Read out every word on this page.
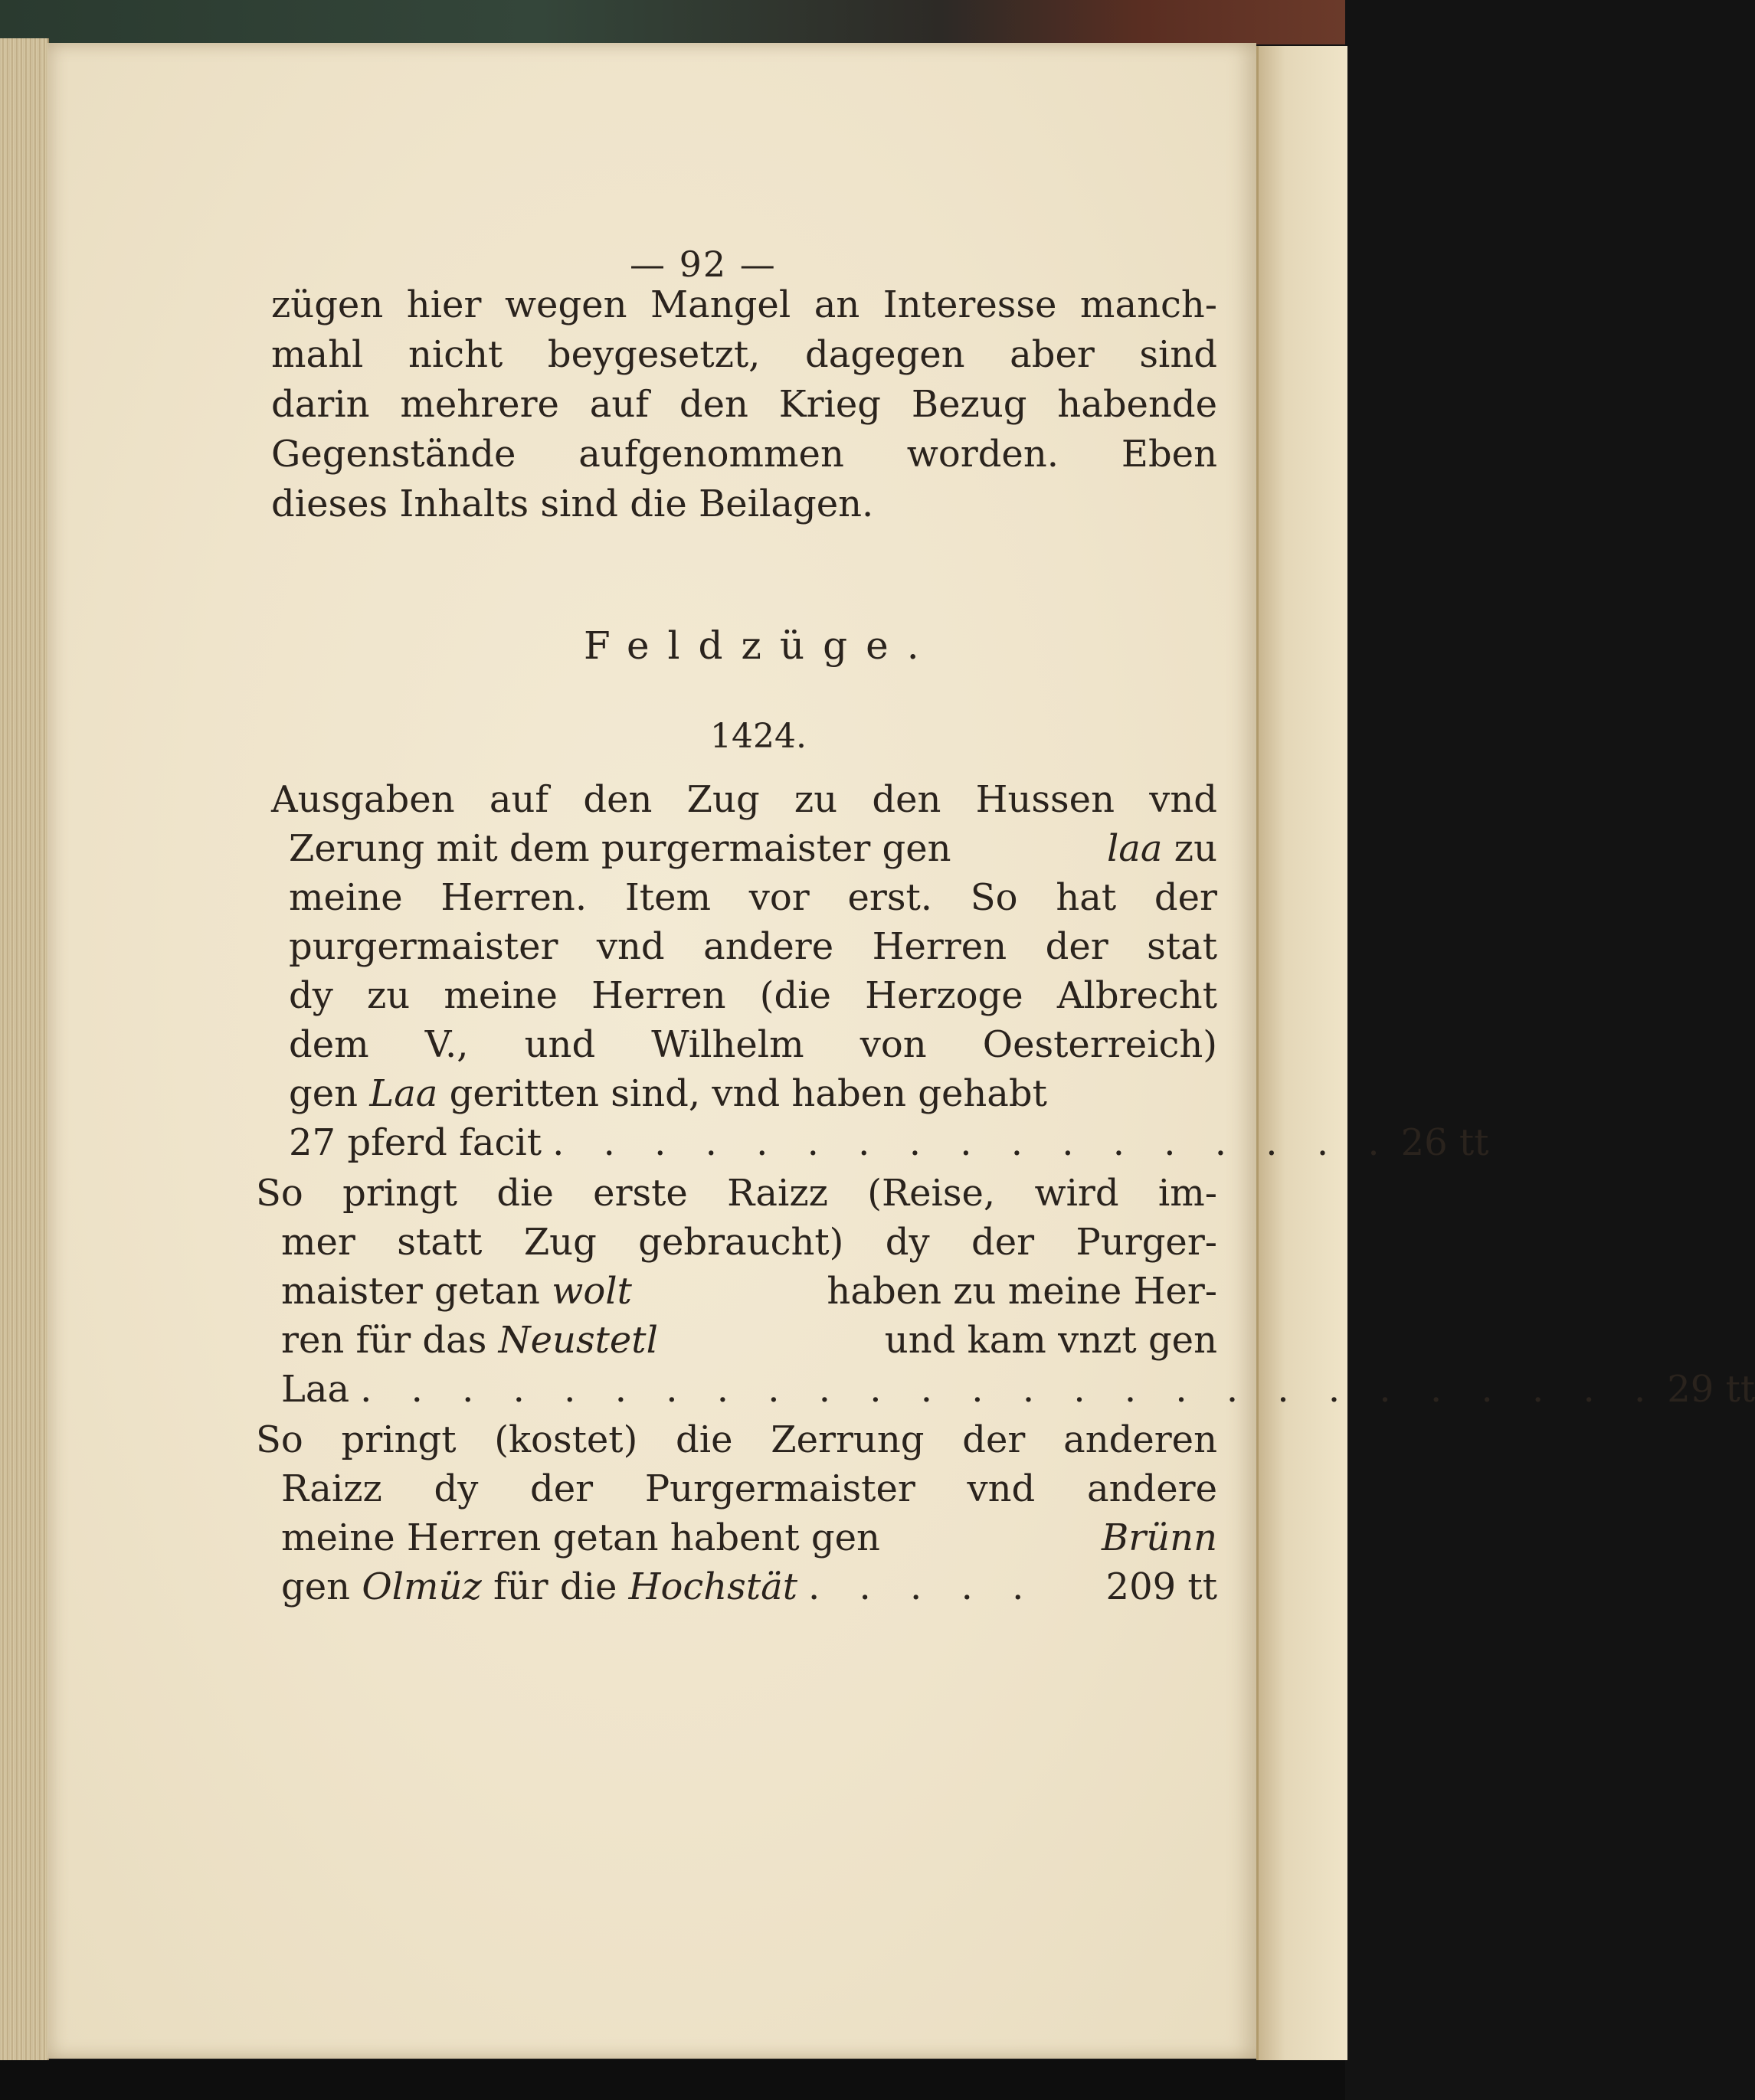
— 92 —
zügen hier wegen Mangel an Interesse manch-
mahl nicht beygesetzt, dagegen aber sind
darin mehrere auf den Krieg Bezug habende
Gegenstände aufgenommen worden. Eben
dieses Inhalts sind die Beilagen.
Feldzüge.
1424.
Ausgaben auf den Zug zu den Hussen vnd
Zerung mit dem purgermaister gen	laa zu
meine Herren. Item vor erst. So hat der
purgermaister vnd andere Herren der stat
dy zu meine Herren (die Herzoge Albrecht
dem V., und Wilhelm von Oesterreich)
gen Laa geritten sind, vnd haben gehabt
27 pferd facit . . . . . . . . . . . . . . . . . 26 tt
So pringt die erste Raizz (Reise, wird im-
mer statt Zug gebraucht) dy der Purger-
maister getan wolt	haben zu meine Her-
ren für das Neustetl	und kam vnzt gen
Laa . . . . . . . . . . . . . . . . . . . . . . . . . . 29 tt
So pringt (kostet) die Zerrung der anderen
Raizz dy der Purgermaister vnd andere
meine Herren getan habent gen	Brünn
gen Olmüz für die Hochstät . . . . .	209 tt
